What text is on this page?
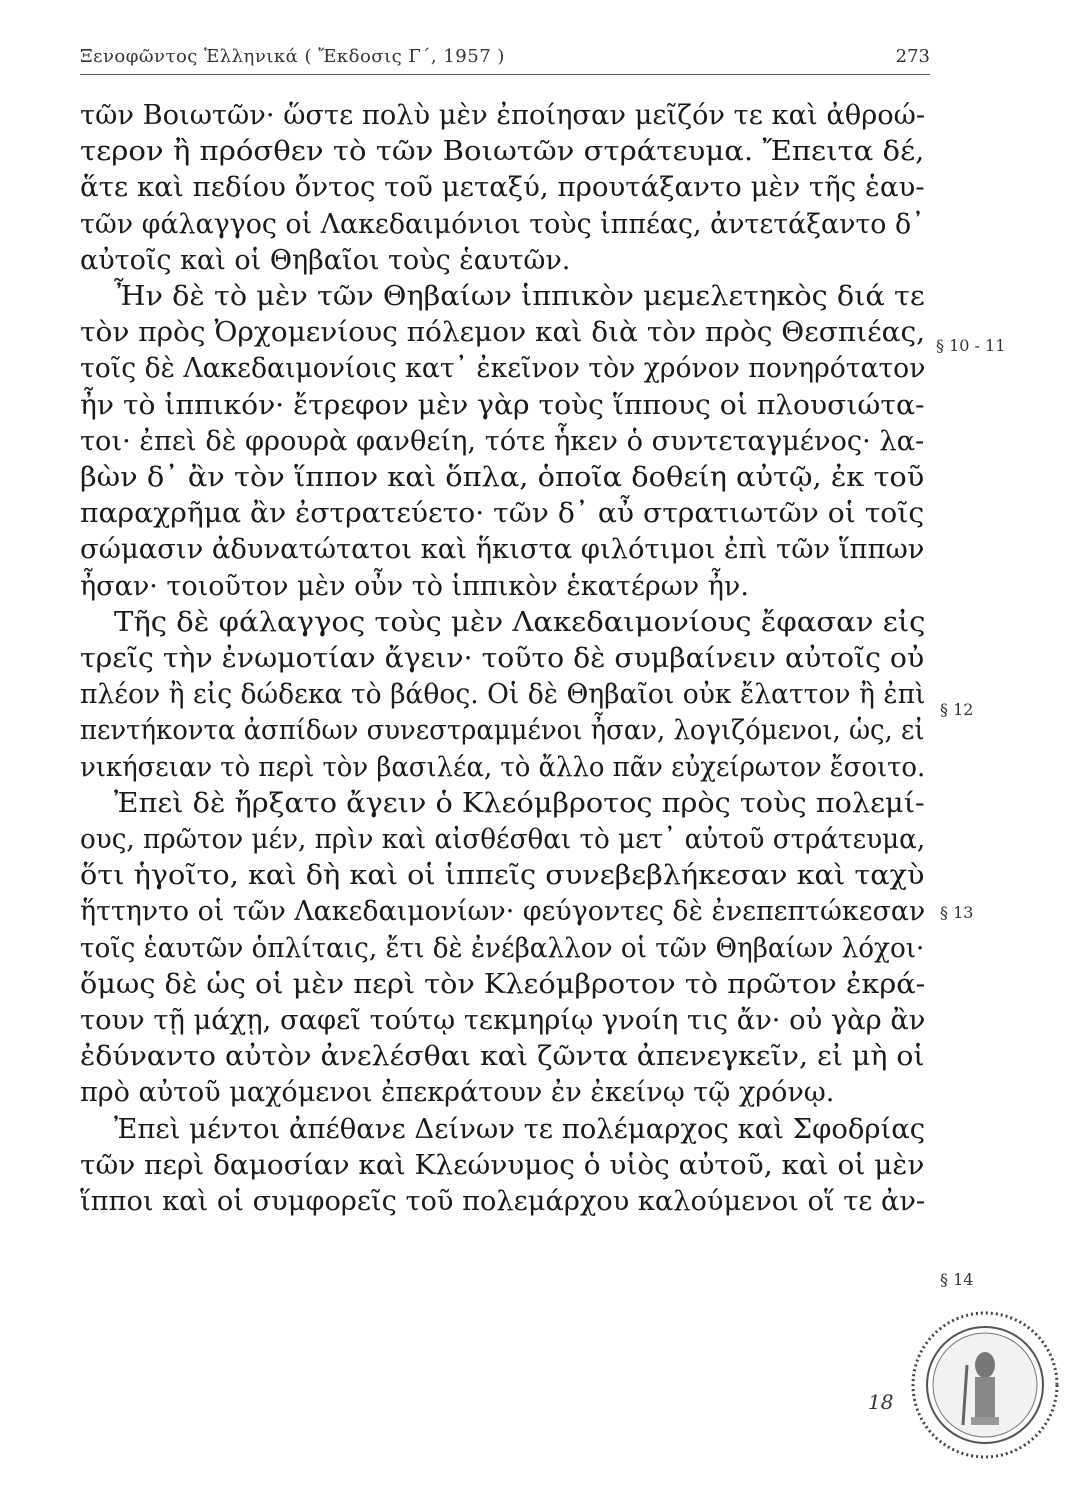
Ξενοφῶντος Ἑλληνικά ( Ἔκδοσις Γ΄, 1957 )	273
τῶν Βοιωτῶν· ὥστε πολὺ μὲν ἐποίησαν μεῖζόν τε καὶ ἀθροώ-
τερον ἢ πρόσθεν τὸ τῶν Βοιωτῶν στράτευμα. Ἔπειτα δέ,
ἅτε καὶ πεδίου ὄντος τοῦ μεταξύ, προυτάξαντο μὲν τῆς ἑαυ-
τῶν φάλαγγος οἱ Λακεδαιμόνιοι τοὺς ἱππέας, ἀντετάξαντο δ᾿
αὐτοῖς καὶ οἱ Θηβαῖοι τοὺς ἑαυτῶν.
Ἦν δὲ τὸ μὲν τῶν Θηβαίων ἱππικὸν μεμελετηκὸς διά τε
τὸν πρὸς Ὀρχομενίους πόλεμον καὶ διὰ τὸν πρὸς Θεσπιέας,
τοῖς δὲ Λακεδαιμονίοις κατ᾿ ἐκεῖνον τὸν χρόνον πονηρότατον
ἦν τὸ ἱππικόν· ἔτρεφον μὲν γὰρ τοὺς ἵππους οἱ πλουσιώτα-
τοι· ἐπεὶ δὲ φρουρὰ φανθείη, τότε ἧκεν ὁ συντεταγμένος· λα-
βὼν δ᾿ ἂν τὸν ἵππον καὶ ὅπλα, ὁποῖα δοθείη αὐτῷ, ἐκ τοῦ
παραχρῆμα ἂν ἐστρατεύετο· τῶν δ᾿ αὖ στρατιωτῶν οἱ τοῖς
σώμασιν ἀδυνατώτατοι καὶ ἥκιστα φιλότιμοι ἐπὶ τῶν ἵππων
ἦσαν· τοιοῦτον μὲν οὖν τὸ ἱππικὸν ἑκατέρων ἦν.
Τῆς δὲ φάλαγγος τοὺς μὲν Λακεδαιμονίους ἔφασαν εἰς
τρεῖς τὴν ἐνωμοτίαν ἄγειν· τοῦτο δὲ συμβαίνειν αὐτοῖς οὐ
πλέον ἢ εἰς δώδεκα τὸ βάθος. Οἱ δὲ Θηβαῖοι οὐκ ἔλαττον ἢ ἐπὶ
πεντήκοντα ἀσπίδων συνεστραμμένοι ἦσαν, λογιζόμενοι, ὡς, εἰ
νικήσειαν τὸ περὶ τὸν βασιλέα, τὸ ἄλλο πᾶν εὐχείρωτον ἔσοιτο.
Ἐπεὶ δὲ ἤρξατο ἄγειν ὁ Κλεόμβροτος πρὸς τοὺς πολεμί-
ους, πρῶτον μέν, πρὶν καὶ αἰσθέσθαι τὸ μετ᾿ αὐτοῦ στράτευμα,
ὅτι ἡγοῖτο, καὶ δὴ καὶ οἱ ἱππεῖς συνεβεβλήκεσαν καὶ ταχὺ
ἥττηντο οἱ τῶν Λακεδαιμονίων· φεύγοντες δὲ ἐνεπεπτώκεσαν
τοῖς ἑαυτῶν ὁπλίταις, ἔτι δὲ ἐνέβαλλον οἱ τῶν Θηβαίων λόχοι·
ὅμως δὲ ὡς οἱ μὲν περὶ τὸν Κλεόμβροτον τὸ πρῶτον ἐκρά-
τουν τῇ μάχῃ, σαφεῖ τούτῳ τεκμηρίῳ γνοίη τις ἄν· οὐ γὰρ ἂν
ἐδύναντο αὐτὸν ἀνελέσθαι καὶ ζῶντα ἀπενεγκεῖν, εἰ μὴ οἱ
πρὸ αὐτοῦ μαχόμενοι ἐπεκράτουν ἐν ἐκείνῳ τῷ χρόνῳ.
Ἐπεὶ μέντοι ἀπέθανε Δείνων τε πολέμαρχος καὶ Σφοδρίας
τῶν περὶ δαμοσίαν καὶ Κλεώνυμος ὁ υἱὸς αὐτοῦ, καὶ οἱ μὲν
ἵπποι καὶ οἱ συμφορεῖς τοῦ πολεμάρχου καλούμενοι οἵ τε ἀν-
§ 10 - 11
§ 12
§ 13
§ 14
18
